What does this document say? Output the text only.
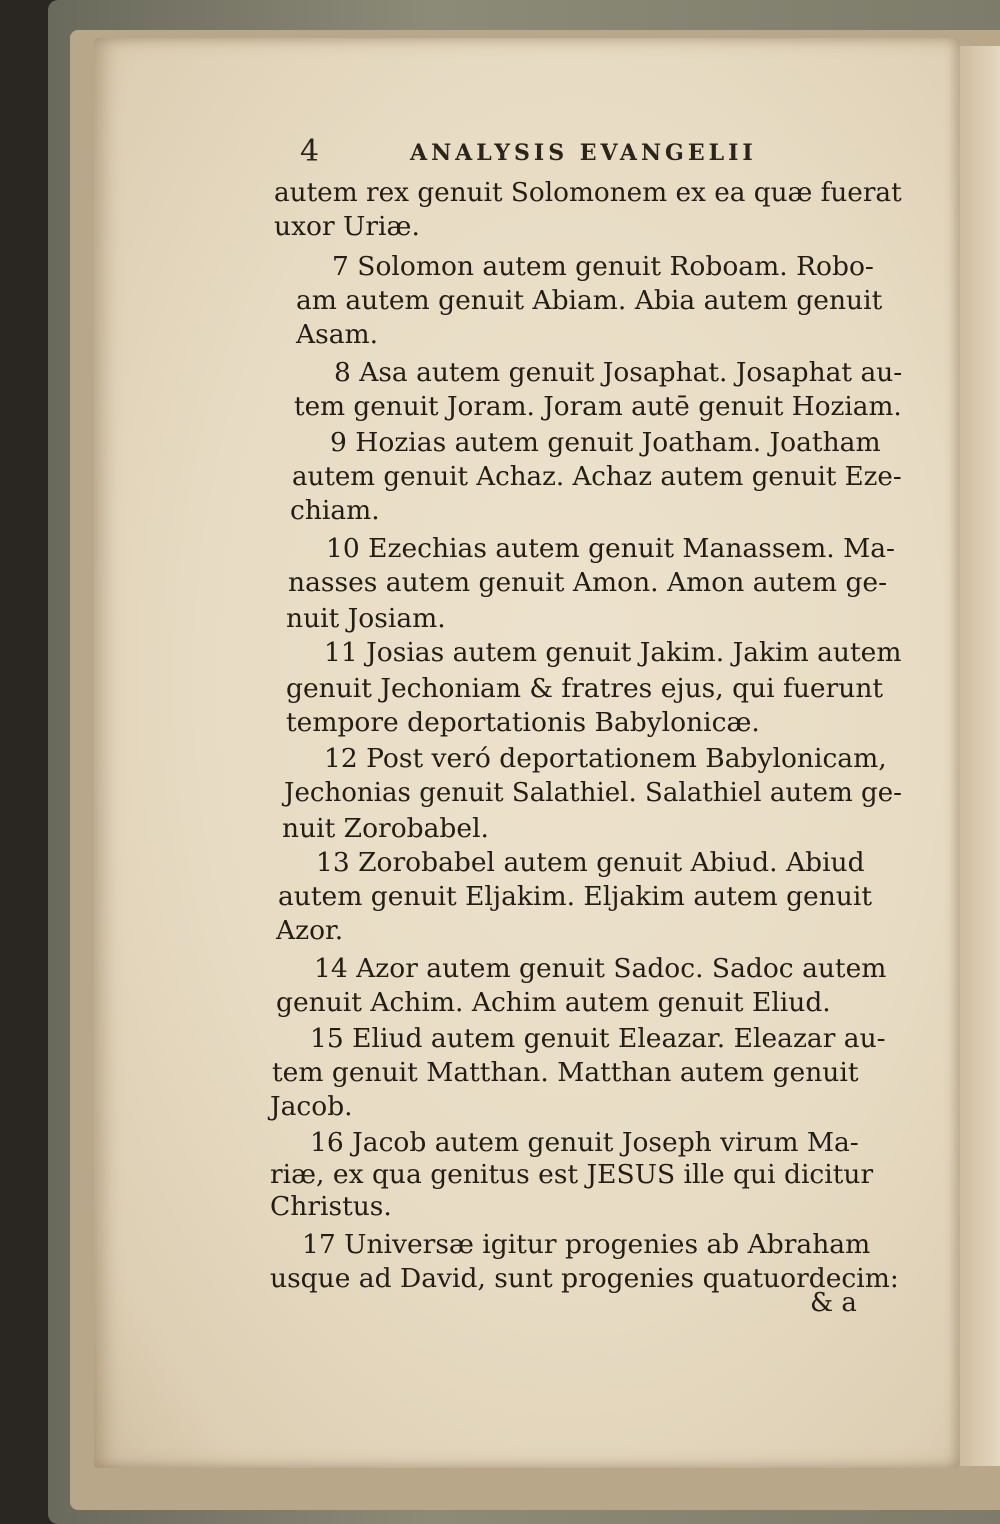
4	ANALYSIS EVANGELII
autem rex genuit Solomonem ex ea quæ fuerat
uxor Uriæ.
7 Solomon autem genuit Roboam. Robo-
am autem genuit Abiam. Abia autem genuit
Asam.
8 Asa autem genuit Josaphat. Josaphat au-
tem genuit Joram. Joram autē genuit Hoziam.
9 Hozias autem genuit Joatham. Joatham
autem genuit Achaz. Achaz autem genuit Eze-
chiam.
10 Ezechias autem genuit Manassem. Ma-
nasses autem genuit Amon. Amon autem ge-
nuit Josiam.
11 Josias autem genuit Jakim. Jakim autem
genuit Jechoniam & fratres ejus, qui fuerunt
tempore deportationis Babylonicæ.
12 Post veró deportationem Babylonicam,
Jechonias genuit Salathiel. Salathiel autem ge-
nuit Zorobabel.
13 Zorobabel autem genuit Abiud. Abiud
autem genuit Eljakim. Eljakim autem genuit
Azor.
14 Azor autem genuit Sadoc. Sadoc autem
genuit Achim. Achim autem genuit Eliud.
15 Eliud autem genuit Eleazar. Eleazar au-
tem genuit Matthan. Matthan autem genuit
Jacob.
16 Jacob autem genuit Joseph virum Ma-
riæ, ex qua genitus est JESUS ille qui dicitur
Christus.
17 Universæ igitur progenies ab Abraham
usque ad David, sunt progenies quatuordecim:
& a
